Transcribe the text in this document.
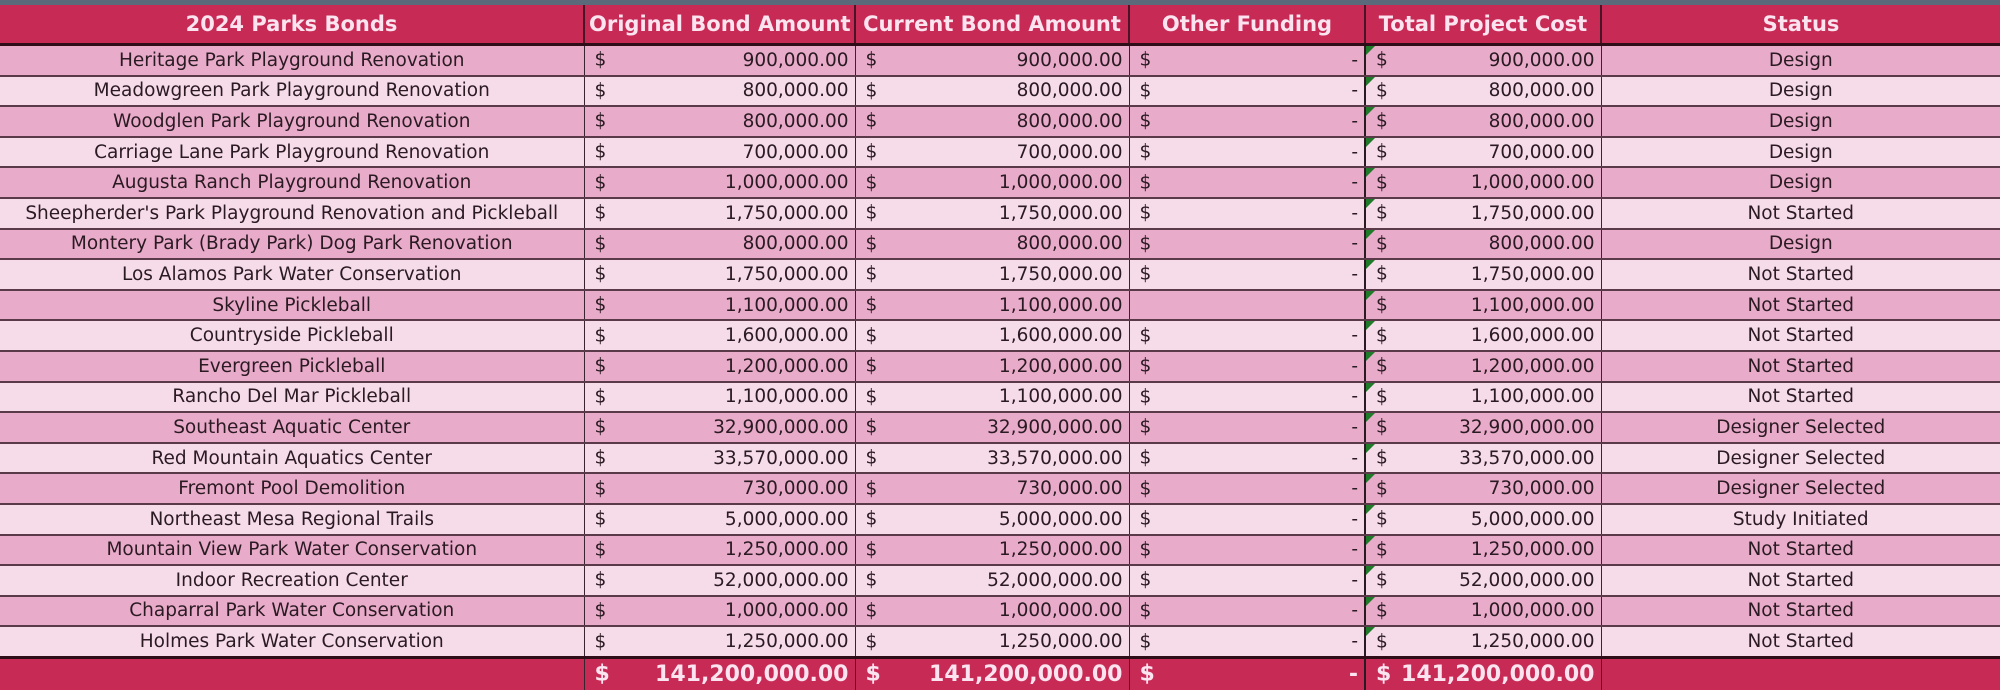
2024 Parks Bonds	Original Bond Amount	Current Bond Amount	Other Funding	Total Project Cost	Status
Heritage Park Playground Renovation	$ 900,000.00	$ 900,000.00	$ -	$ 900,000.00	Design
Meadowgreen Park Playground Renovation	$ 800,000.00	$ 800,000.00	$ -	$ 800,000.00	Design
Woodglen Park Playground Renovation	$ 800,000.00	$ 800,000.00	$ -	$ 800,000.00	Design
Carriage Lane Park Playground Renovation	$ 700,000.00	$ 700,000.00	$ -	$ 700,000.00	Design
Augusta Ranch Playground Renovation	$ 1,000,000.00	$ 1,000,000.00	$ -	$ 1,000,000.00	Design
Sheepherder's Park Playground Renovation and Pickleball	$ 1,750,000.00	$ 1,750,000.00	$ -	$ 1,750,000.00	Not Started
Montery Park (Brady Park) Dog Park Renovation	$ 800,000.00	$ 800,000.00	$ -	$ 800,000.00	Design
Los Alamos Park Water Conservation	$ 1,750,000.00	$ 1,750,000.00	$ -	$ 1,750,000.00	Not Started
Skyline Pickleball	$ 1,100,000.00	$ 1,100,000.00		$ 1,100,000.00	Not Started
Countryside Pickleball	$ 1,600,000.00	$ 1,600,000.00	$ -	$ 1,600,000.00	Not Started
Evergreen Pickleball	$ 1,200,000.00	$ 1,200,000.00	$ -	$ 1,200,000.00	Not Started
Rancho Del Mar Pickleball	$ 1,100,000.00	$ 1,100,000.00	$ -	$ 1,100,000.00	Not Started
Southeast Aquatic Center	$ 32,900,000.00	$ 32,900,000.00	$ -	$ 32,900,000.00	Designer Selected
Red Mountain Aquatics Center	$ 33,570,000.00	$ 33,570,000.00	$ -	$ 33,570,000.00	Designer Selected
Fremont Pool Demolition	$ 730,000.00	$ 730,000.00	$ -	$ 730,000.00	Designer Selected
Northeast Mesa Regional Trails	$ 5,000,000.00	$ 5,000,000.00	$ -	$ 5,000,000.00	Study Initiated
Mountain View Park Water Conservation	$ 1,250,000.00	$ 1,250,000.00	$ -	$ 1,250,000.00	Not Started
Indoor Recreation Center	$ 52,000,000.00	$ 52,000,000.00	$ -	$ 52,000,000.00	Not Started
Chaparral Park Water Conservation	$ 1,000,000.00	$ 1,000,000.00	$ -	$ 1,000,000.00	Not Started
Holmes Park Water Conservation	$ 1,250,000.00	$ 1,250,000.00	$ -	$ 1,250,000.00	Not Started

	$ 141,200,000.00	$ 141,200,000.00	$ -	$ 141,200,000.00	
